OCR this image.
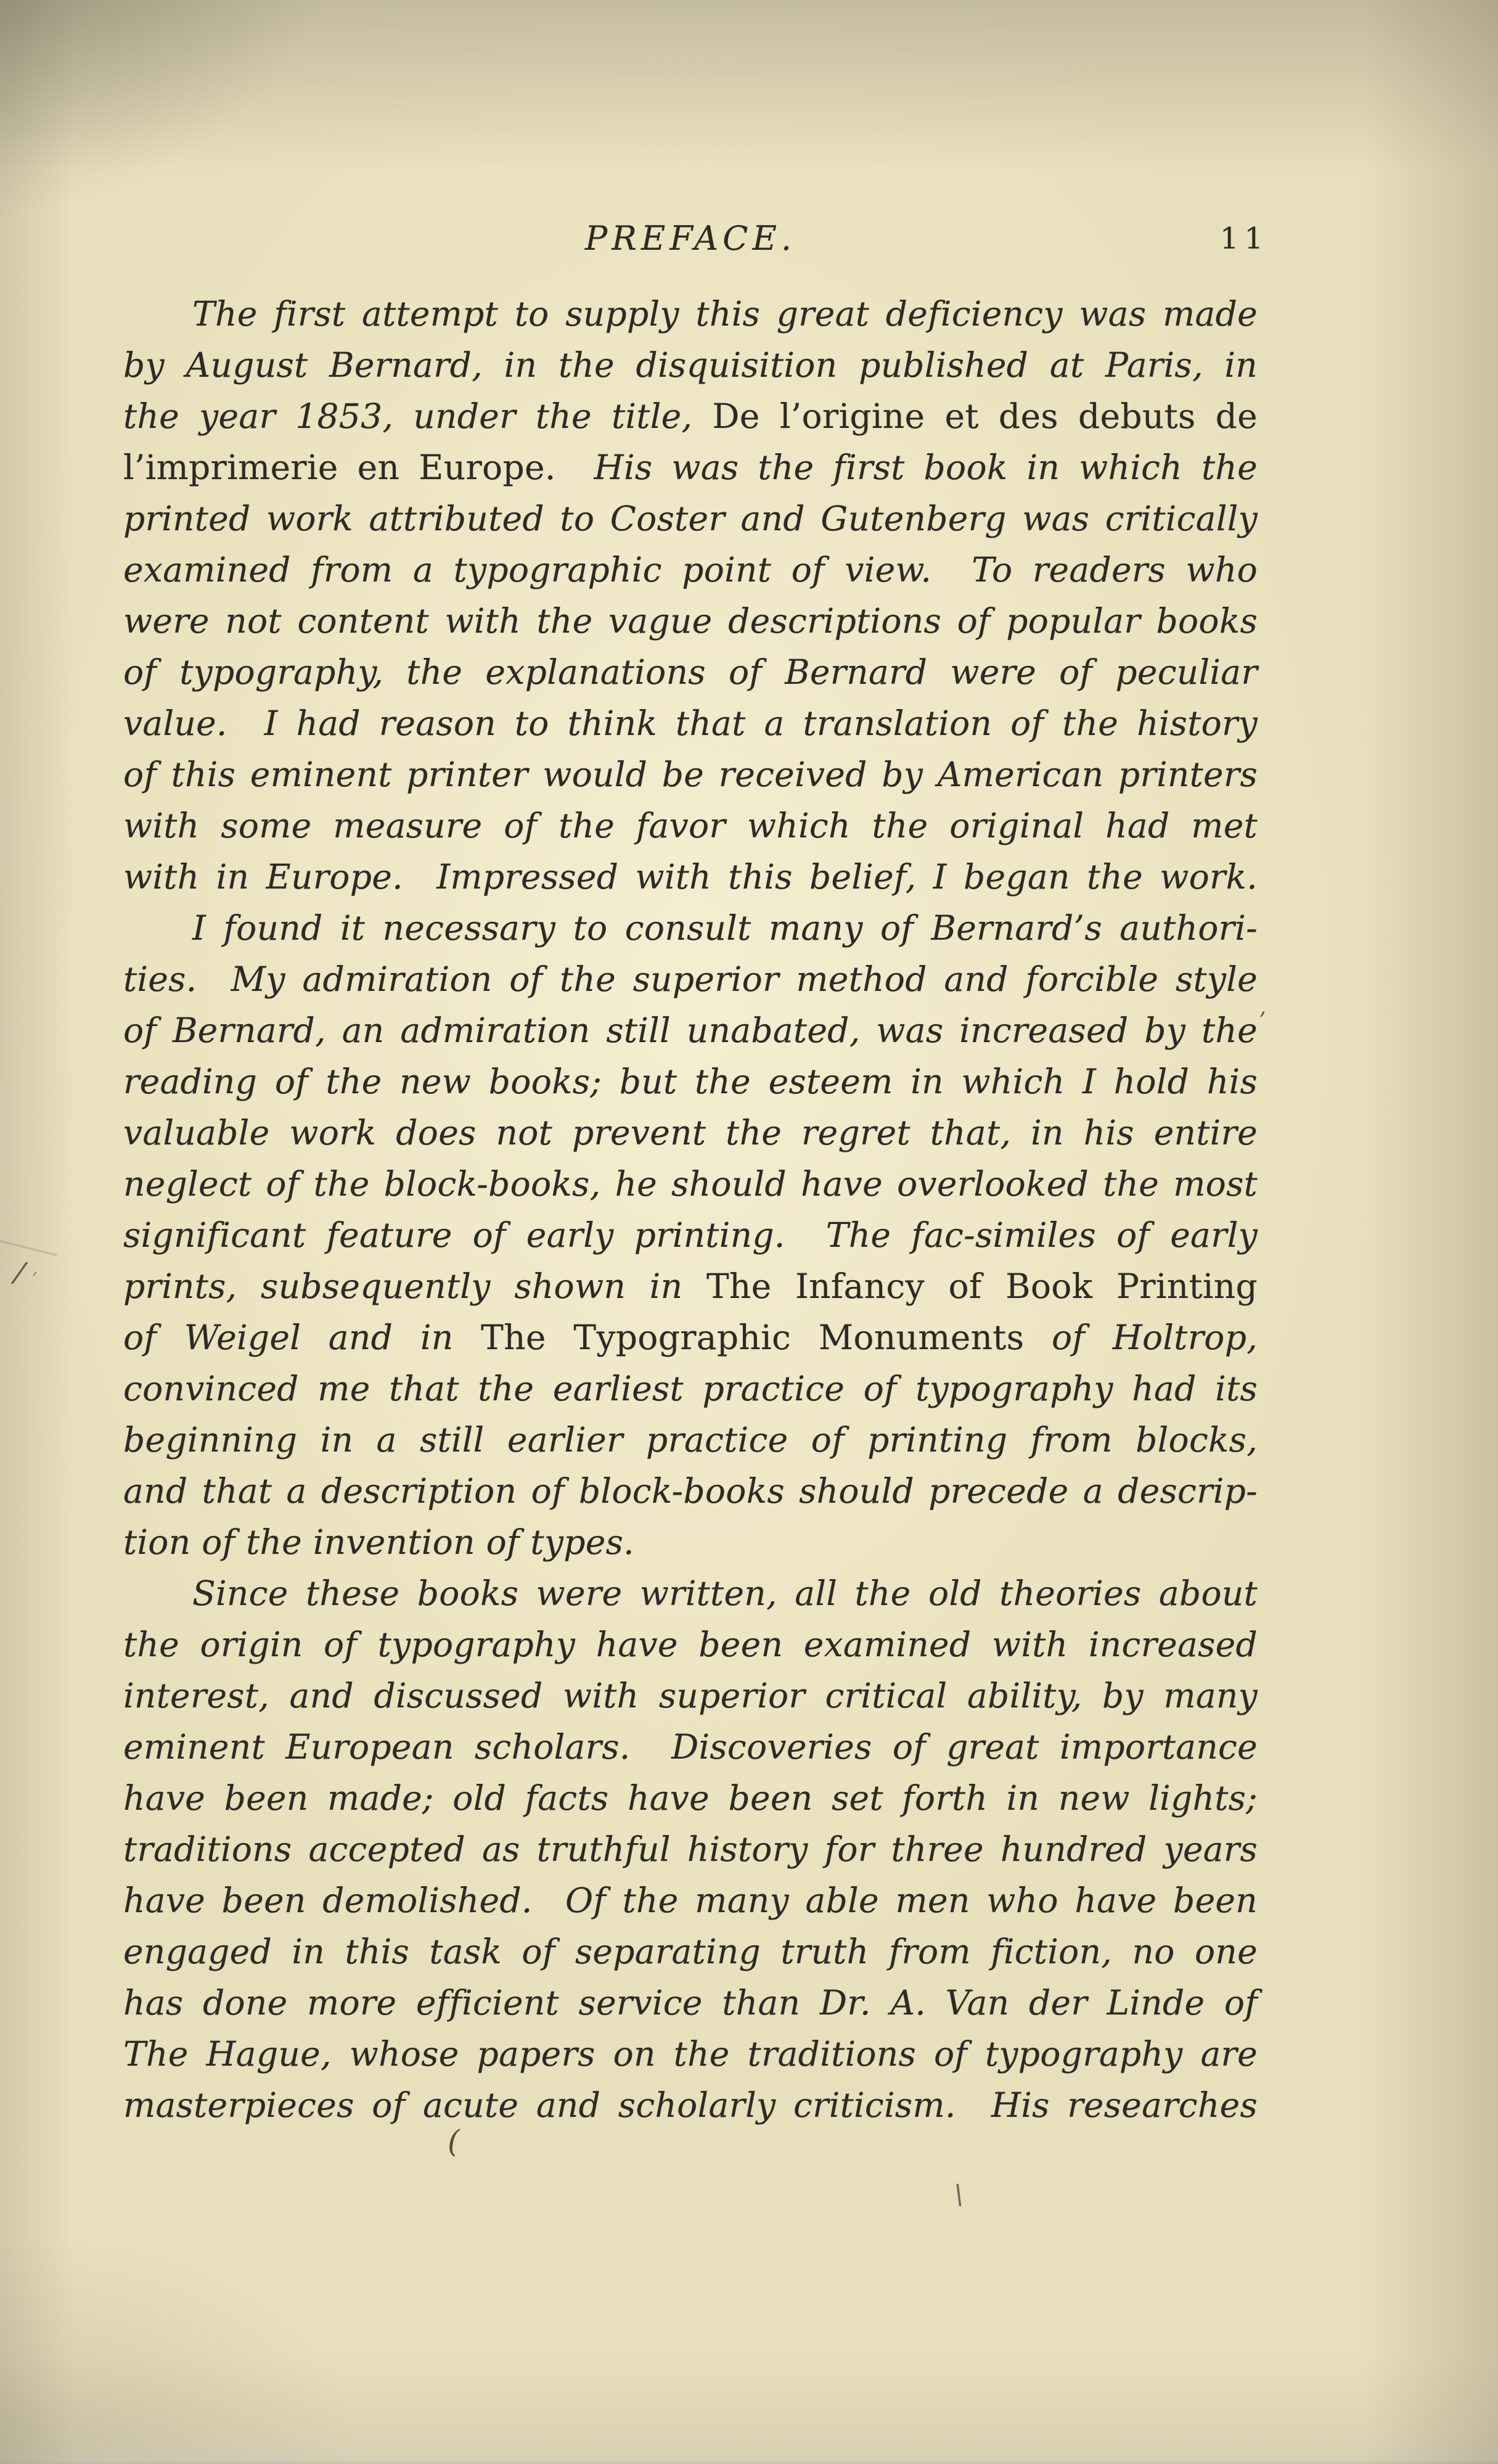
PREFACE.	11
The first attempt to supply this great deficiency was made
by August Bernard, in the disquisition published at Paris, in
the year 1853, under the title, De l’origine et des debuts de
l’imprimerie en Europe.  His was the first book in which the
printed work attributed to Coster and Gutenberg was critically
examined from a typographic point of view.  To readers who
were not content with the vague descriptions of popular books
of typography, the explanations of Bernard were of peculiar
value.  I had reason to think that a translation of the history
of this eminent printer would be received by American printers
with some measure of the favor which the original had met
with in Europe.  Impressed with this belief, I began the work.
I found it necessary to consult many of Bernard’s authori-
ties.  My admiration of the superior method and forcible style
of Bernard, an admiration still unabated, was increased by the
reading of the new books; but the esteem in which I hold his
valuable work does not prevent the regret that, in his entire
neglect of the block-books, he should have overlooked the most
significant feature of early printing.  The fac-similes of early
prints, subsequently shown in The Infancy of Book Printing
of Weigel and in The Typographic Monuments of Holtrop,
convinced me that the earliest practice of typography had its
beginning in a still earlier practice of printing from blocks,
and that a description of block-books should precede a descrip-
tion of the invention of types.
Since these books were written, all the old theories about
the origin of typography have been examined with increased
interest, and discussed with superior critical ability, by many
eminent European scholars.  Discoveries of great importance
have been made; old facts have been set forth in new lights;
traditions accepted as truthful history for three hundred years
have been demolished.  Of the many able men who have been
engaged in this task of separating truth from fiction, no one
has done more efficient service than Dr. A. Van der Linde of
The Hague, whose papers on the traditions of typography are
masterpieces of acute and scholarly criticism.  His researches
/ ,
’
(
\
